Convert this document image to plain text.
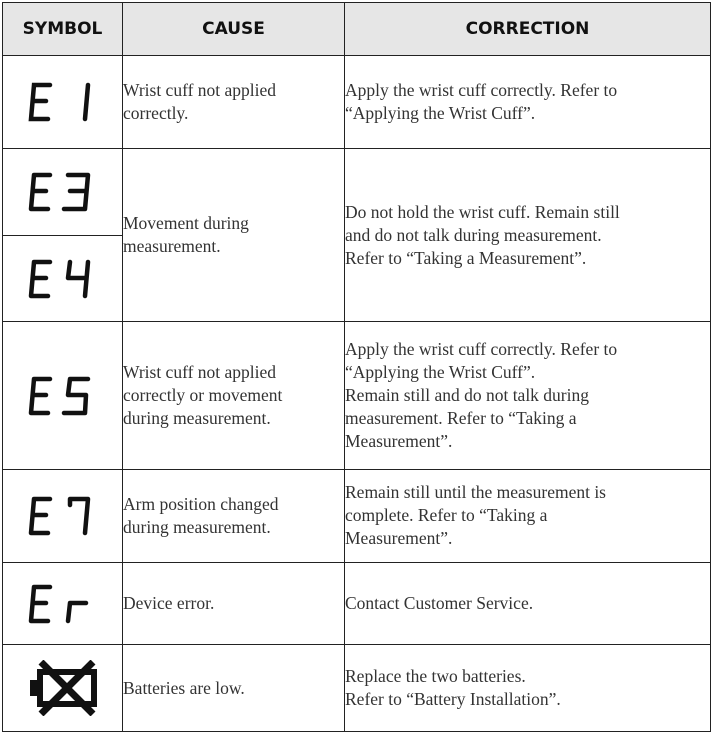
SYMBOL	CAUSE	CORRECTION
	Wrist cuff not applied
correctly.	Apply the wrist cuff correctly. Refer to
“Applying the Wrist Cuff”.
	Movement during
measurement.	Do not hold the wrist cuff. Remain still
and do not talk during measurement.
Refer to “Taking a Measurement”.

	Wrist cuff not applied
correctly or movement
during measurement.	Apply the wrist cuff correctly. Refer to
“Applying the Wrist Cuff”.
Remain still and do not talk during
measurement. Refer to “Taking a
Measurement”.
	Arm position changed
during measurement.	Remain still until the measurement is
complete. Refer to “Taking a
Measurement”.
	Device error.	Contact Customer Service.
	Batteries are low.	Replace the two batteries.
Refer to “Battery Installation”.
